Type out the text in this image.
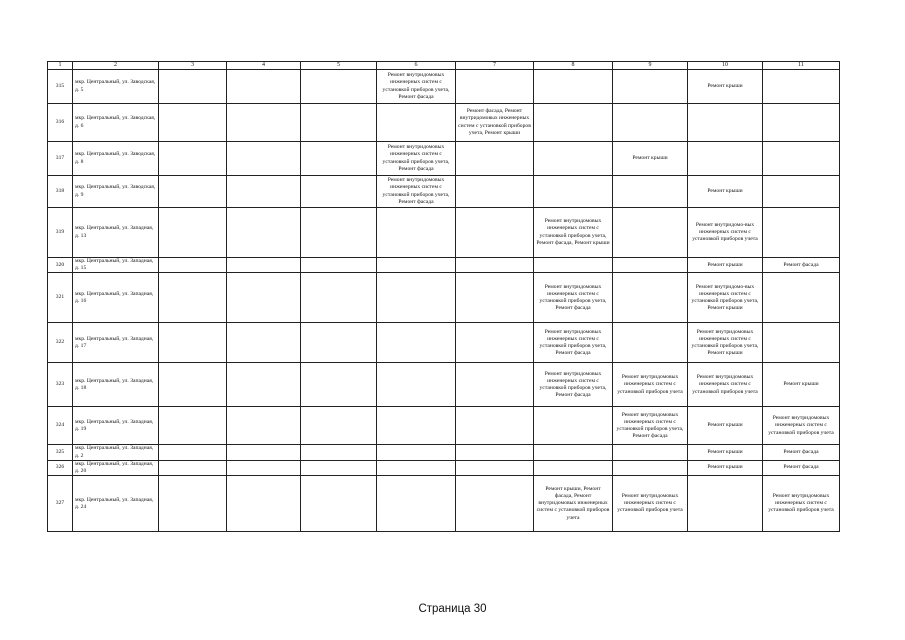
1	2	3	4	5	6	7	8	9	10	11
315	мкр. Центральный, ул. Заводская, д. 5				Ремонт внутридомовых инженерных систем с установкой приборов учета, Ремонт фасада				Ремонт крыши	
316	мкр. Центральный, ул. Заводская, д. 6					Ремонт фасада, Ремонт внутридомовых инженерных систем с установкой приборов учета, Ремонт крыши				
317	мкр. Центральный, ул. Заводская, д. 8				Ремонт внутридомовых инженерных систем с установкой приборов учета, Ремонт фасада			Ремонт крыши		
318	мкр. Центральный, ул. Заводская, д. 9				Ремонт внутридомовых инженерных систем с установкой приборов учета, Ремонт фасада				Ремонт крыши	
319	мкр. Центральный, ул. Западная, д. 13						Ремонт внутридомовых инженерных систем с установкой приборов учета, Ремонт фасада, Ремонт крыши		Ремонт внутридомо-вых инженерных систем с установкой приборов учета	
320	мкр. Центральный, ул. Западная, д. 15								Ремонт крыши	Ремонт фасада
321	мкр. Центральный, ул. Западная, д. 16						Ремонт внутридомовых инженерных систем с установкой приборов учета, Ремонт фасада		Ремонт внутридомо-вых инженерных систем с установкой приборов учета, Ремонт крыши	
322	мкр. Центральный, ул. Западная, д. 17						Ремонт внутридомовых инженерных систем с установкой приборов учета, Ремонт фасада		Ремонт внутридомовых инженерных систем с установкой приборов учета, Ремонт крыши	
323	мкр. Центральный, ул. Западная, д. 18						Ремонт внутридомовых инженерных систем с установкой приборов учета, Ремонт фасада	Ремонт внутридомовых инженерных систем с установкой приборов учета	Ремонт внутридомовых инженерных систем с установкой приборов учета	Ремонт крыши
324	мкр. Центральный, ул. Западная, д. 19							Ремонт внутридомовых инженерных систем с установкой приборов учета, Ремонт фасада	Ремонт крыши	Ремонт внутридомовых инженерных систем с установкой приборов учета
325	мкр. Центральный, ул. Западная, д. 2								Ремонт крыши	Ремонт фасада
326	мкр. Центральный, ул. Западная, д. 20								Ремонт крыши	Ремонт фасада
327	мкр. Центральный, ул. Западная, д. 24						Ремонт крыши, Ремонт фасада, Ремонт внутридомовых инженерных систем с установкой приборов учета	Ремонт внутридомовых инженерных систем с установкой приборов учета		Ремонт внутридомовых инженерных систем с установкой приборов учета
Страница 30
